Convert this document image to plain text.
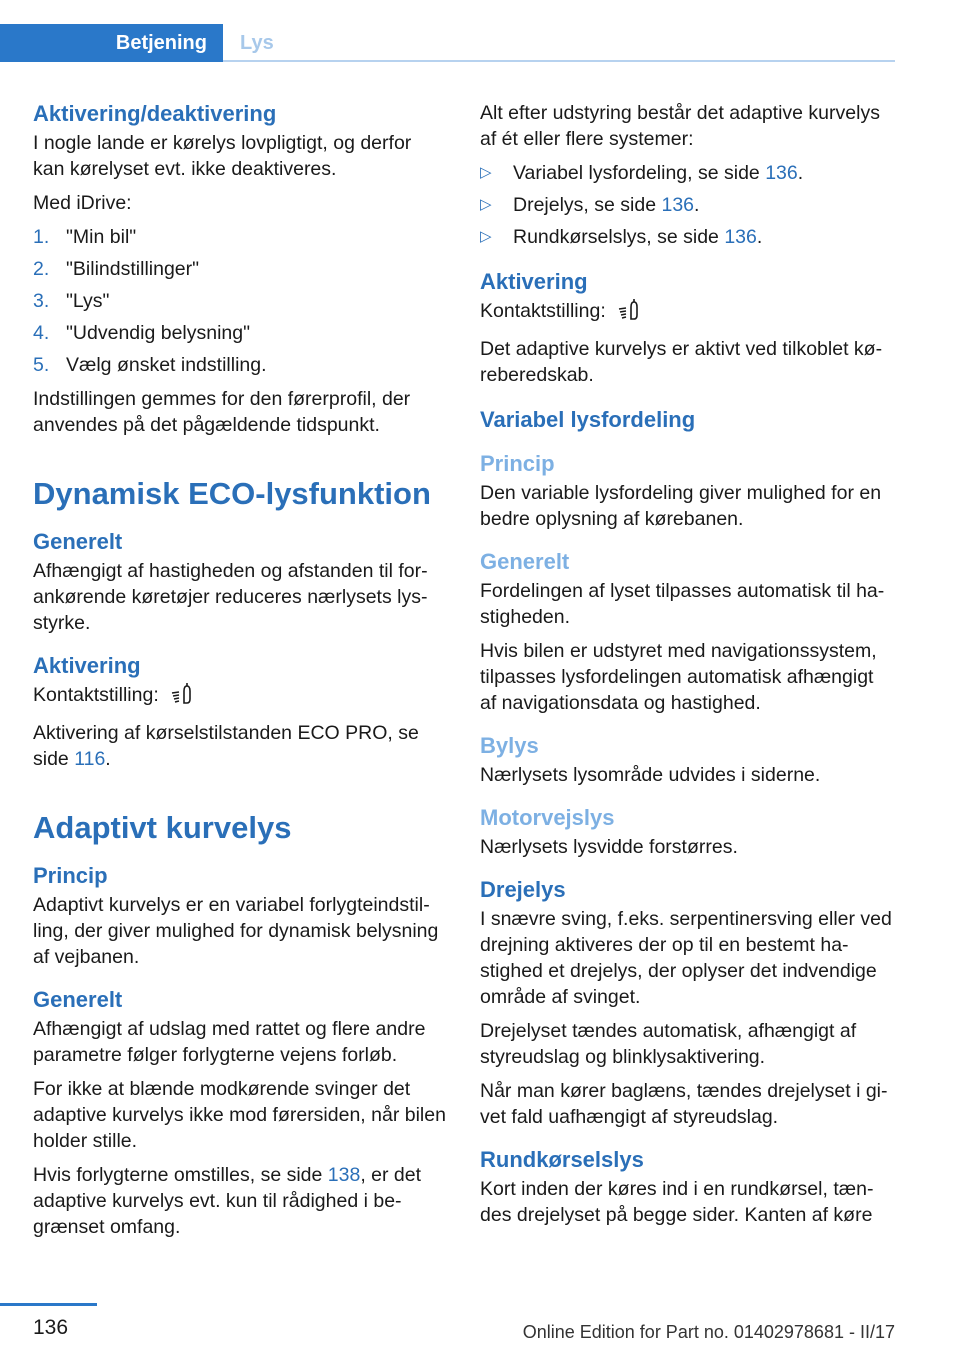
Betjening	Lys
Aktivering/deaktivering

I nogle lande er kørelys lovpligtigt, og derfor kan kørelyset evt. ikke deaktiveres.

Med iDrive:

1. "Min bil"
2. "Bilindstillinger"
3. "Lys"
4. "Udvendig belysning"
5. Vælg ønsket indstilling.

Indstillingen gemmes for den førerprofil, der anvendes på det pågældende tidspunkt.

Dynamisk ECO-lysfunktion
Generelt

Afhængigt af hastigheden og afstanden til forankørende køretøjer reduceres nærlysets lysstyrke.

Aktivering

Kontaktstilling:

Aktivering af kørselstilstanden ECO PRO, se side 116.

Adaptivt kurvelys
Princip

Adaptivt kurvelys er en variabel forlygteindstilling, der giver mulighed for dynamisk belysning af vejbanen.

Generelt

Afhængigt af udslag med rattet og flere andre parametre følger forlygterne vejens forløb.

For ikke at blænde modkørende svinger det adaptive kurvelys ikke mod førersiden, når bilen holder stille.

Hvis forlygterne omstilles, se side 138, er det adaptive kurvelys evt. kun til rådighed i begrænset omfang.

Alt efter udstyring består det adaptive kurvelys af ét eller flere systemer:

▷	Variabel lysfordeling, se side 136.
▷	Drejelys, se side 136.
▷	Rundkørselslys, se side 136.
Aktivering

Kontaktstilling:

Det adaptive kurvelys er aktivt ved tilkoblet køreberedskab.

Variabel lysfordeling
Princip

Den variable lysfordeling giver mulighed for en bedre oplysning af kørebanen.

Generelt

Fordelingen af lyset tilpasses automatisk til hastigheden.

Hvis bilen er udstyret med navigationssystem, tilpasses lysfordelingen automatisk afhængigt af navigationsdata og hastighed.

Bylys

Nærlysets lysområde udvides i siderne.

Motorvejslys

Nærlysets lysvidde forstørres.

Drejelys

I snævre sving, f.eks. serpentinersving eller ved drejning aktiveres der op til en bestemt hastighed et drejelys, der oplyser det indvendige område af svinget.

Drejelyset tændes automatisk, afhængigt af styreudslag og blinklysaktivering.

Når man kører baglæns, tændes drejelyset i givet fald uafhængigt af styreudslag.

Rundkørselslys

Kort inden der køres ind i en rundkørsel, tændes drejelyset på begge sider. Kanten af køre

136	Online Edition for Part no. 01402978681 - II/17
